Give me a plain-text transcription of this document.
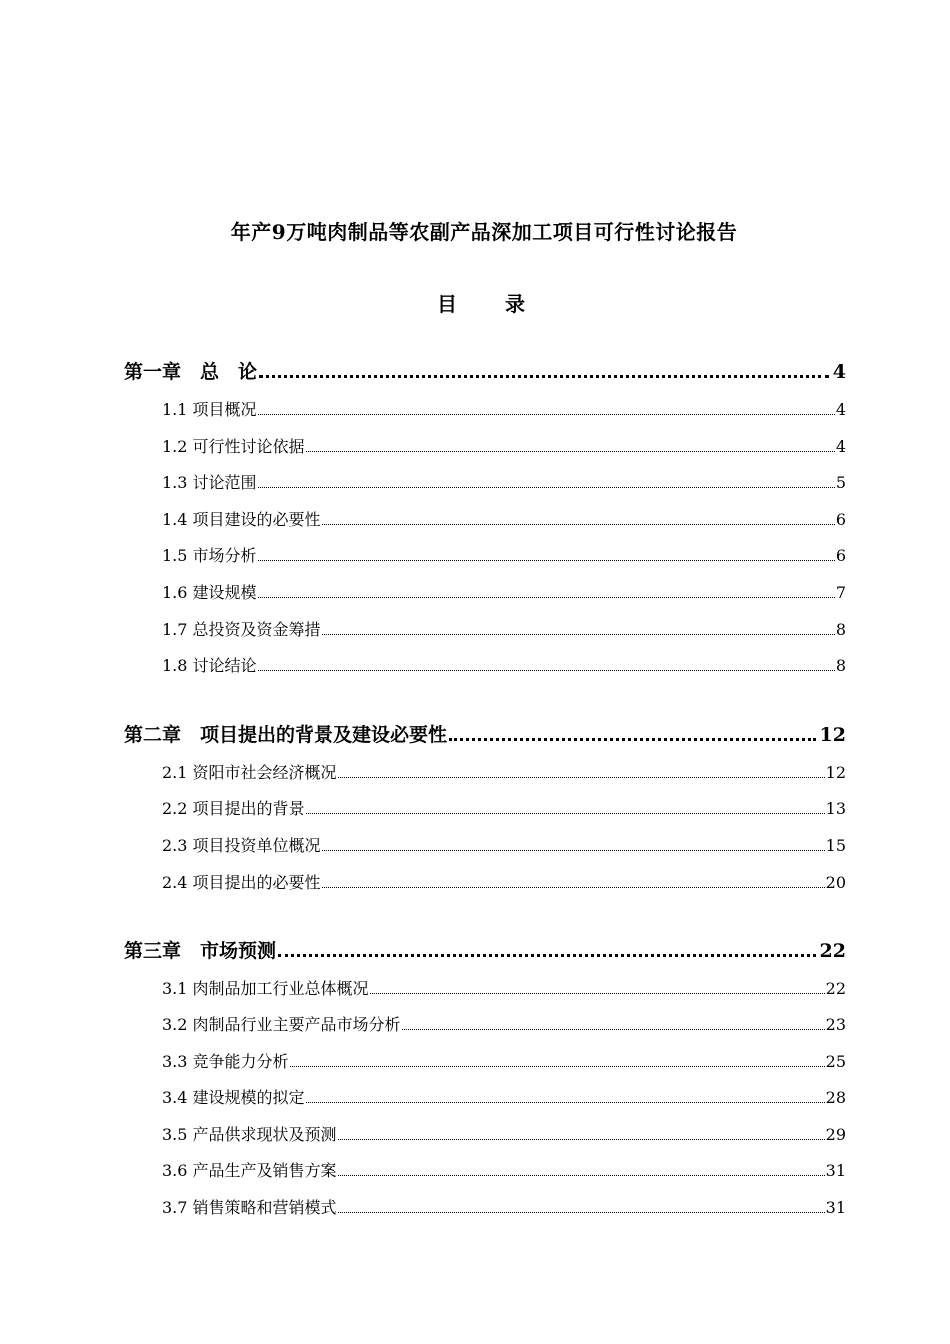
年产9万吨肉制品等农副产品深加工项目可行性讨论报告
目　录
第一章　总　论	4
1.1 项目概况	4
1.2 可行性讨论依据	4
1.3 讨论范围	5
1.4 项目建设的必要性	6
1.5 市场分析	6
1.6 建设规模	7
1.7 总投资及资金筹措	8
1.8 讨论结论	8
第二章　项目提出的背景及建设必要性	12
2.1 资阳市社会经济概况	12
2.2 项目提出的背景	13
2.3 项目投资单位概况	15
2.4 项目提出的必要性	20
第三章　市场预测	22
3.1 肉制品加工行业总体概况	22
3.2 肉制品行业主要产品市场分析	23
3.3 竞争能力分析	25
3.4 建设规模的拟定	28
3.5 产品供求现状及预测	29
3.6 产品生产及销售方案	31
3.7 销售策略和营销模式	31
